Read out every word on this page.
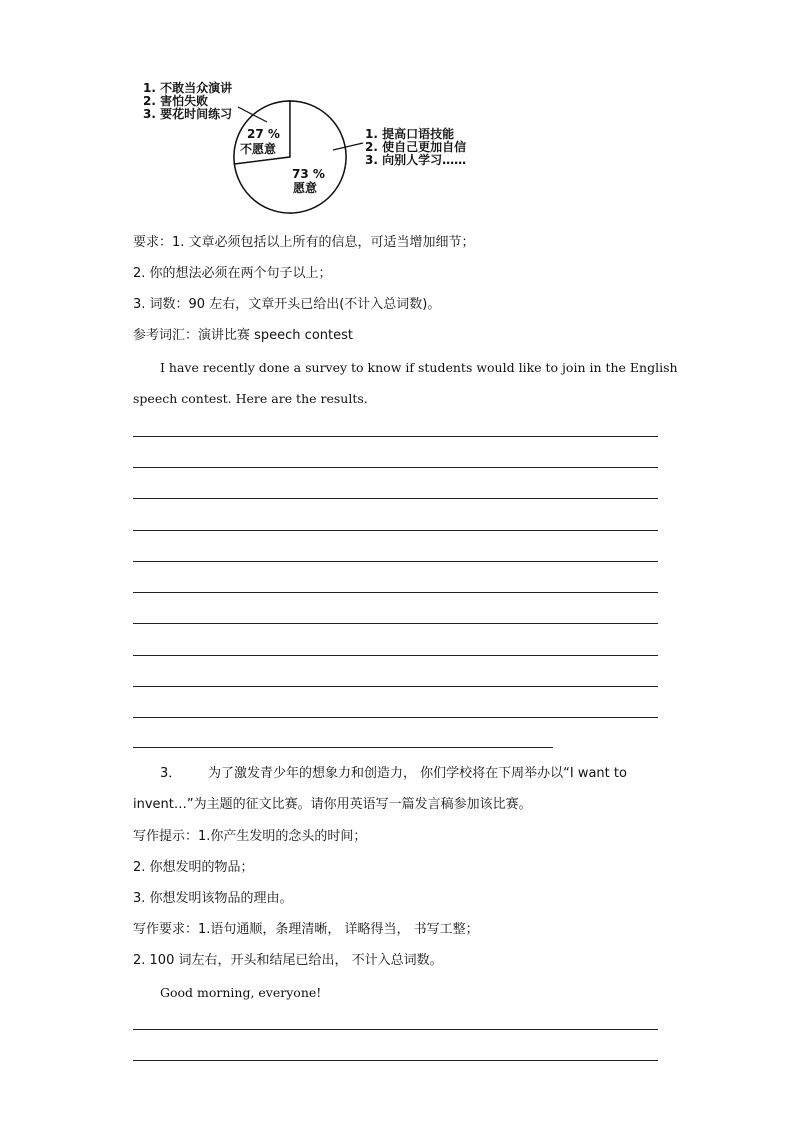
27 %
不愿意
73 %
愿意
1. 不敢当众演讲
2. 害怕失败
3. 要花时间练习
1. 提高口语技能
2. 使自己更加自信
3. 向别人学习……
要求：1. 文章必须包括以上所有的信息，可适当增加细节；
2. 你的想法必须在两个句子以上；
3. 词数：90 左右，文章开头已给出(不计入总词数)。
参考词汇：演讲比赛 speech contest
I have recently done a survey to know if students would like to join in the English
speech contest. Here are the results.
3． 为了激发青少年的想象力和创造力， 你们学校将在下周举办以“I want to
invent…”为主题的征文比赛。请你用英语写一篇发言稿参加该比赛。
写作提示：1.你产生发明的念头的时间；
2. 你想发明的物品；
3. 你想发明该物品的理由。
写作要求：1.语句通顺，条理清晰， 详略得当， 书写工整；
2. 100 词左右，开头和结尾已给出， 不计入总词数。
Good morning, everyone!
